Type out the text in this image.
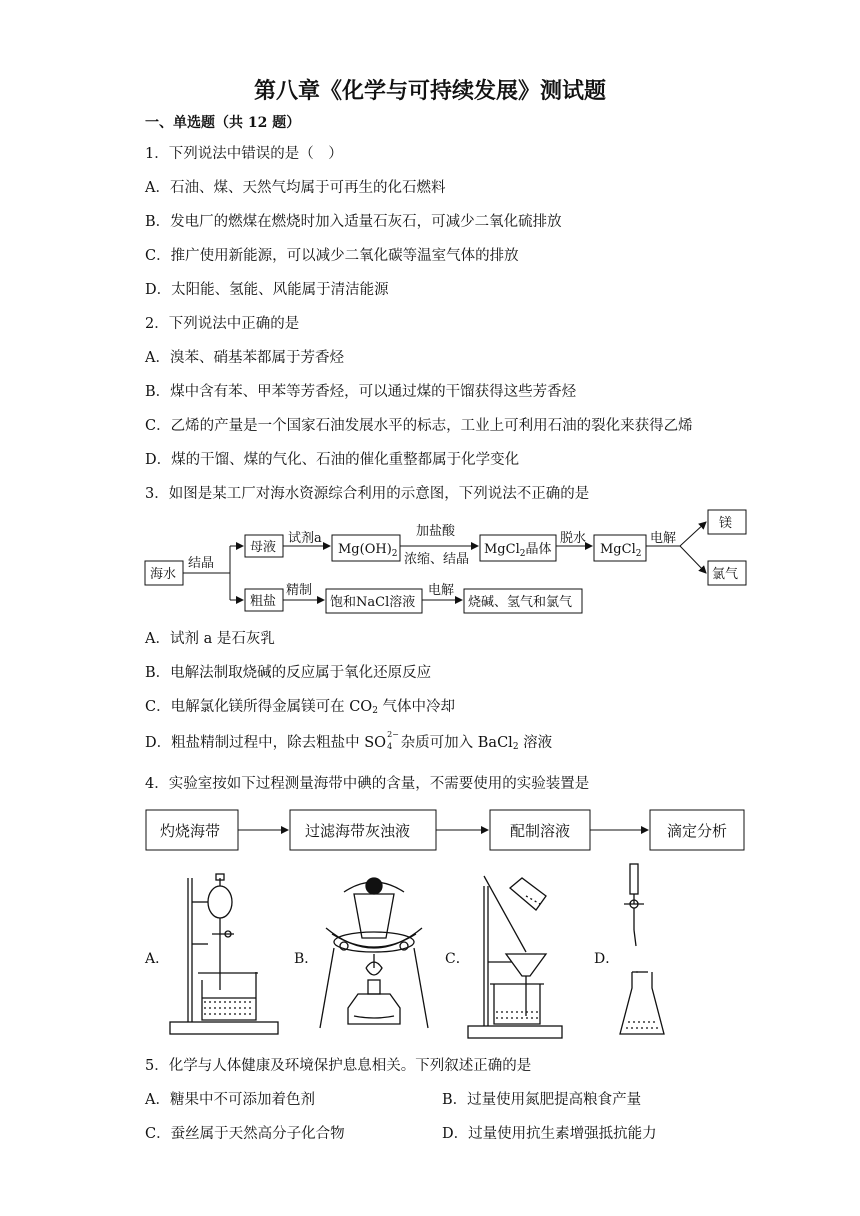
第八章《化学与可持续发展》测试题
一、单选题（共 12 题）
1．下列说法中错误的是（　）
A．石油、煤、天然气均属于可再生的化石燃料
B．发电厂的燃煤在燃烧时加入适量石灰石，可减少二氧化硫排放
C．推广使用新能源，可以减少二氧化碳等温室气体的排放
D．太阳能、氢能、风能属于清洁能源
2．下列说法中正确的是
A．溴苯、硝基苯都属于芳香烃
B．煤中含有苯、甲苯等芳香烃，可以通过煤的干馏获得这些芳香烃
C．乙烯的产量是一个国家石油发展水平的标志，工业上可利用石油的裂化来获得乙烯
D．煤的干馏、煤的气化、石油的催化重整都属于化学变化
3．如图是某工厂对海水资源综合利用的示意图，下列说法不正确的是
海水
结晶
母液
试剂a
$Mg(OH)_2$
加盐酸
浓缩、结晶
MgCl$_2$晶体
脱水
MgCl$_2$
电解
镁
氯气
粗盐
精制
饱和NaCl溶液
电解
烧碱、氢气和氯气
A．试剂 a 是石灰乳
B．电解法制取烧碱的反应属于氧化还原反应
C．电解氯化镁所得金属镁可在 CO2 气体中冷却
D．粗盐精制过程中，除去粗盐中 SO
2−
4 杂质可加入 BaCl2 溶液
4．实验室按如下过程测量海带中碘的含量，不需要使用的实验装置是
灼烧海带	过滤海带灰浊液	配制溶液	滴定分析
A．	B．	C．	D．
5．化学与人体健康及环境保护息息相关。下列叙述正确的是
A．糖果中不可添加着色剂	B．过量使用氮肥提高粮食产量
C．蚕丝属于天然高分子化合物	D．过量使用抗生素增强抵抗能力
